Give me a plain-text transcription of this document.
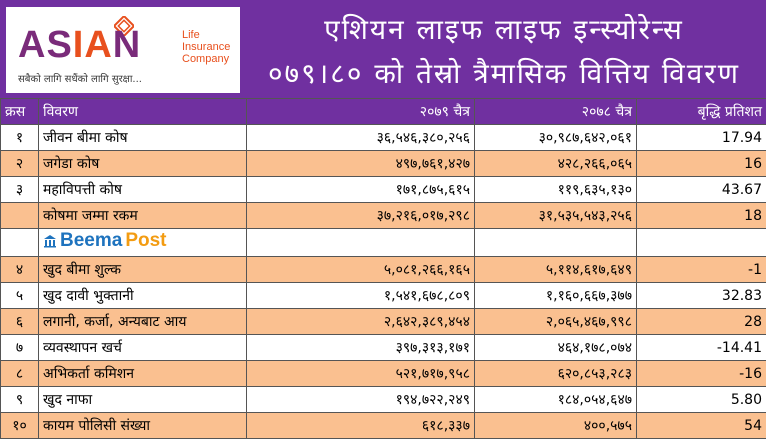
ASIAN	Life
Insurance
Company
सबैको लागि सधैंको लागि सुरक्षा...
एशियन लाइफ लाइफ इन्स्योरेन्स
०७९।८० को तेस्रो त्रैमासिक वित्तिय विवरण
क्रस	विवरण	२०७९ चैत्र	२०७८ चैत्र	बृद्धि प्रतिशत
१	जीवन बीमा कोष	३६,५४६,३८०,२५६	३०,९८७,६४२,०६१	17.94
२	जगेडा कोष	४९७,७६१,४२७	४२८,२६६,०६५	16
३	महाविपत्ती कोष	१७१,८७५,६१५	११९,६३५,१३०	43.67
	कोषमा जम्मा रकम	३७,२१६,०१७,२९८	३१,५३५,५४३,२५६	18

	Beema Post			

४	खुद बीमा शुल्क	५,०८१,२६६,१६५	५,११४,६१७,६४९	-1
५	खुद दावी भुक्तानी	१,५४१,६७८,८०९	१,१६०,६६७,३७७	32.83
६	लगानी, कर्जा, अन्यबाट आय	२,६४२,३८९,४५४	२,०६५,४६७,९९८	28
७	व्यवस्थापन खर्च	३९७,३१३,१७१	४६४,१७८,०७४	-14.41
८	अभिकर्ता कमिशन	५२१,७१७,९५८	६२०,८५३,२८३	-16
९	खुद नाफा	१९४,७२२,२४९	१८४,०५४,६४७	5.80
१०	कायम पोलिसी संख्या	६१८,३३७	४००,५७५	54
